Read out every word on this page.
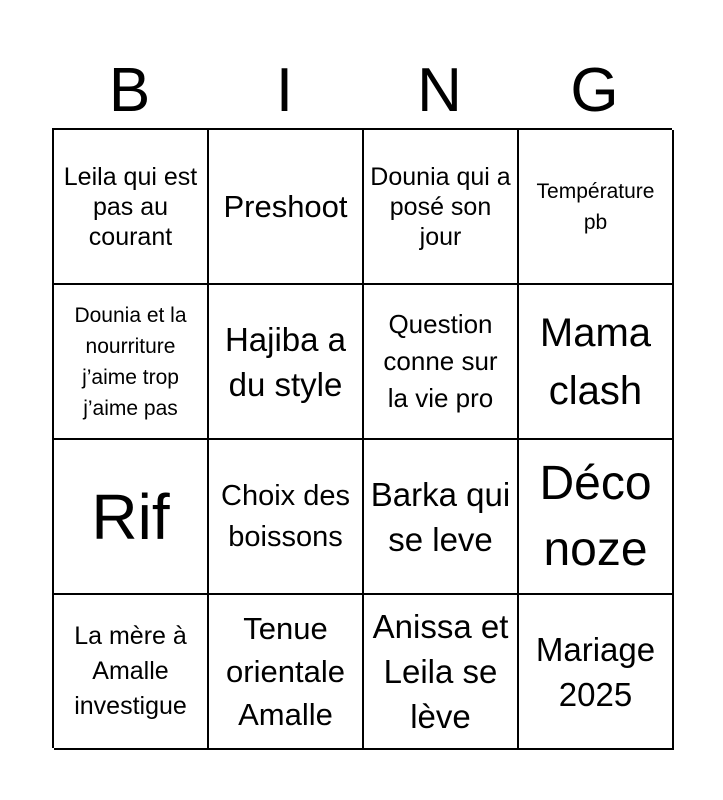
B	I	N	G
Leila qui est pas au courant
Preshoot
Dounia qui a posé son jour
Température pb
Dounia et la nourriture j’aime trop j’aime pas
Hajiba a du style
Question conne sur la vie pro
Mama clash
Rif	Choix des boissons
Barka qui se leve
Déco noze
La mère à Amalle investigue
Tenue orientale Amalle
Anissa et Leila se lève
Mariage 2025
